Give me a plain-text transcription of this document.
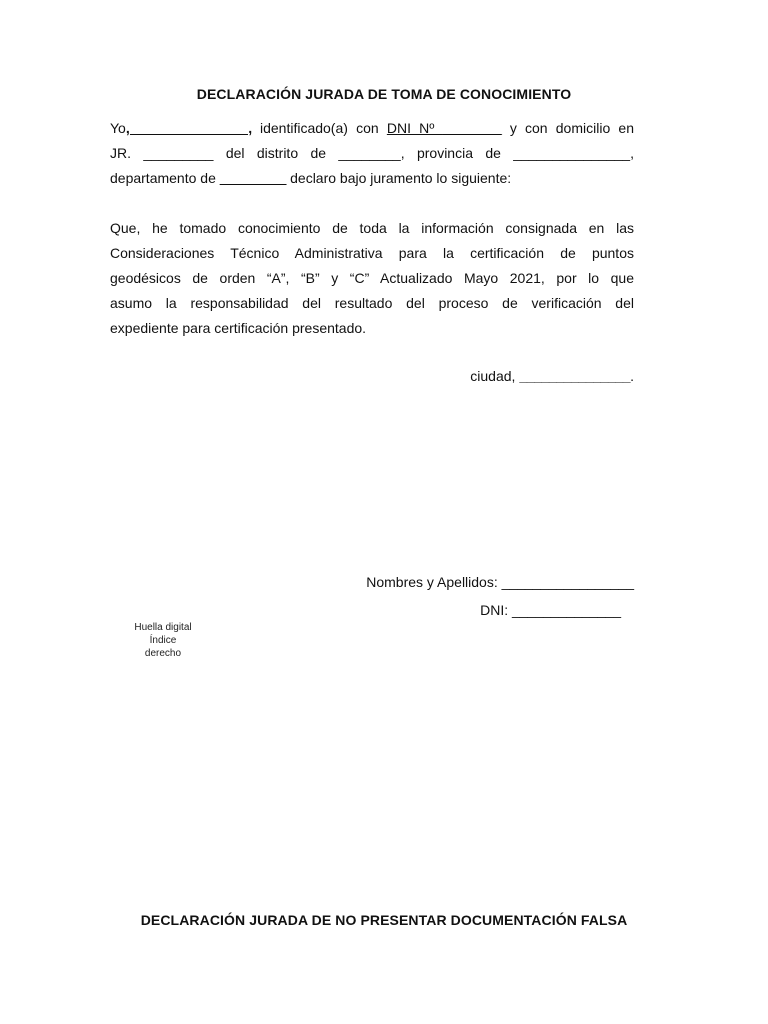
DECLARACIÓN JURADA DE TOMA DE CONOCIMIENTO
Yo, ______________ , identificado(a) con DNI Nº ________ y con domicilio en
JR. _________ del distrito de ________, provincia de _______________,
departamento de _________ declaro bajo juramento lo siguiente:
Que, he tomado conocimiento de toda la información consignada en las
Consideraciones Técnico Administrativa para la certificación de puntos
geodésicos de orden “A”, “B” y “C” Actualizado Mayo 2021, por lo que
asumo la responsabilidad del resultado del proceso de verificación del
expediente para certificación presentado.
ciudad, _______________.
Nombres y Apellidos: _________________
DNI: ______________
Huella digital
Índice
derecho
DECLARACIÓN JURADA DE NO PRESENTAR DOCUMENTACIÓN FALSA
